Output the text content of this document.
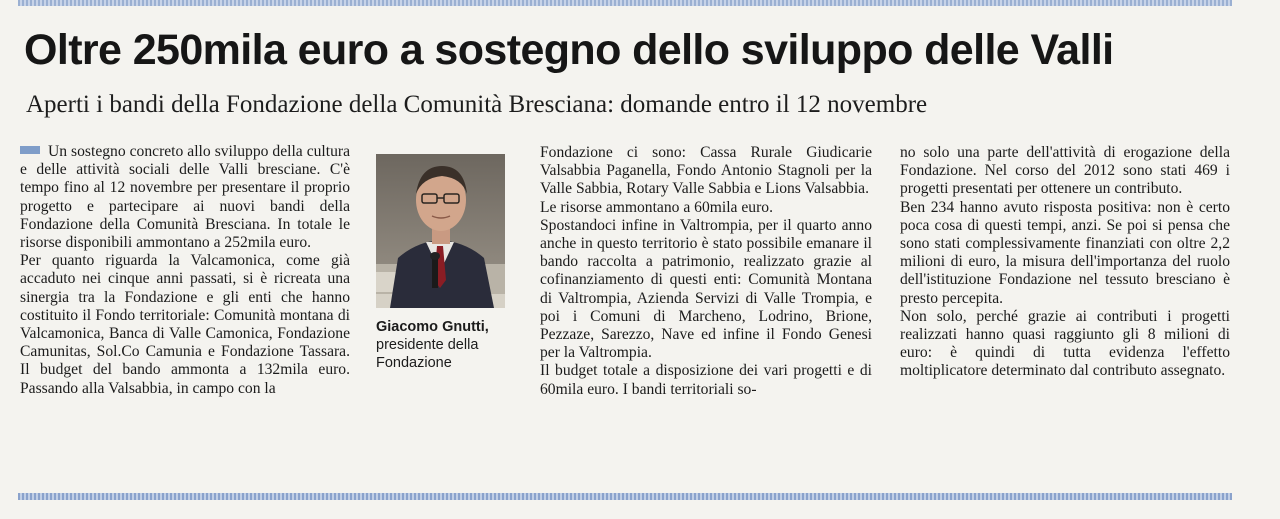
Oltre 250mila euro a sostegno dello sviluppo delle Valli
Aperti i bandi della Fondazione della Comunità Bresciana: domande entro il 12 novembre

Un sostegno concreto allo sviluppo della cultura e delle attività sociali delle Valli bresciane. C'è tempo fino al 12 novembre per presentare il proprio progetto e partecipare ai nuovi bandi della Fondazione della Comunità Bresciana. In totale le risorse disponibili ammontano a 252mila euro.

Per quanto riguarda la Valcamonica, come già accaduto nei cinque anni passati, si è ricreata una sinergia tra la Fondazione e gli enti che hanno costituito il Fondo territoriale: Comunità montana di Valcamonica, Banca di Valle Camonica, Fondazione Camunitas, Sol.Co Camunia e Fondazione Tassara. Il budget del bando ammonta a 132mila euro. Passando alla Valsabbia, in campo con la

Giacomo Gnutti,
presidente della Fondazione

Fondazione ci sono: Cassa Rurale Giudicarie Valsabbia Paganella, Fondo Antonio Stagnoli per la Valle Sabbia, Rotary Valle Sabbia e Lions Valsabbia.

Le risorse ammontano a 60mila euro.

Spostandoci infine in Valtrompia, per il quarto anno anche in questo territorio è stato possibile emanare il bando raccolta a patrimonio, realizzato grazie al cofinanziamento di questi enti: Comunità Montana di Valtrompia, Azienda Servizi di Valle Trompia, e poi i Comuni di Marcheno, Lodrino, Brione, Pezzaze, Sarezzo, Nave ed infine il Fondo Genesi per la Valtrompia.

Il budget totale a disposizione dei vari progetti e di 60mila euro. I bandi territoriali so-

no solo una parte dell'attività di erogazione della Fondazione. Nel corso del 2012 sono stati 469 i progetti presentati per ottenere un contributo.

Ben 234 hanno avuto risposta positiva: non è certo poca cosa di questi tempi, anzi. Se poi si pensa che sono stati complessivamente finanziati con oltre 2,2 milioni di euro, la misura dell'importanza del ruolo dell'istituzione Fondazione nel tessuto bresciano è presto percepita.

Non solo, perché grazie ai contributi i progetti realizzati hanno quasi raggiunto gli 8 milioni di euro: è quindi di tutta evidenza l'effetto moltiplicatore determinato dal contributo assegnato.
